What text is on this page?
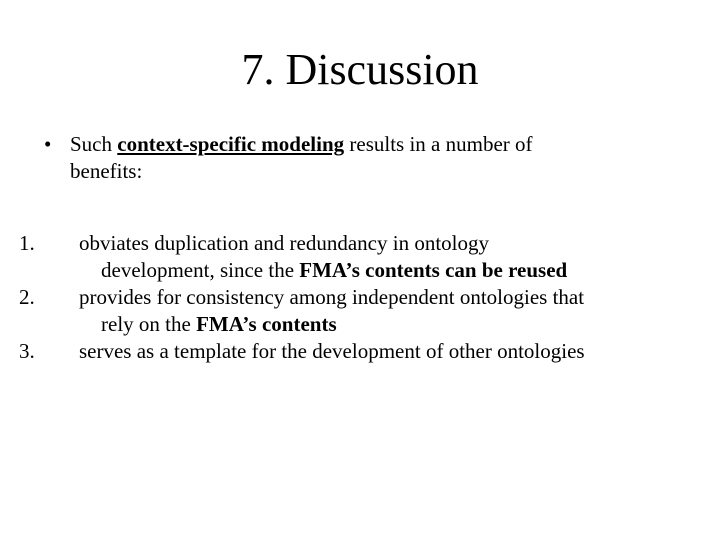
7. Discussion
• Such context-specific modeling results in a number of
benefits:
1.	obviates duplication and redundancy in ontology
development, since the FMA’s contents can be reused
2.	provides for consistency among independent ontologies that
rely on the FMA’s contents
3.	serves as a template for the development of other ontologies
